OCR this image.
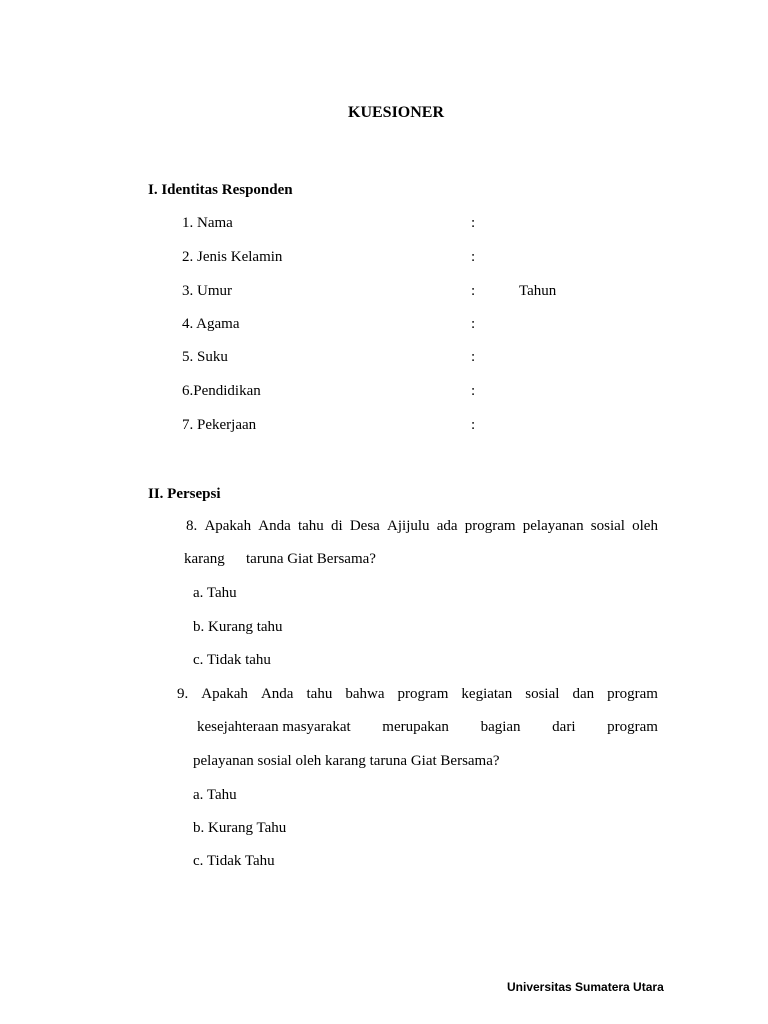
KUESIONER
I. Identitas Responden
1. Nama	:
2. Jenis Kelamin	:
3. Umur	:	Tahun
4. Agama	:
5. Suku	:
6.Pendidikan	:
7. Pekerjaan	:
II. Persepsi
8. Apakah Anda tahu di Desa Ajijulu ada program pelayanan sosial oleh
karang taruna Giat Bersama?
a. Tahu
b. Kurang tahu
c. Tidak tahu
9. Apakah Anda tahu bahwa program kegiatan sosial dan program
kesejahteraan masyarakat merupakan bagian dari program
pelayanan sosial oleh karang taruna Giat Bersama?
a. Tahu
b. Kurang Tahu
c. Tidak Tahu
Universitas Sumatera Utara
